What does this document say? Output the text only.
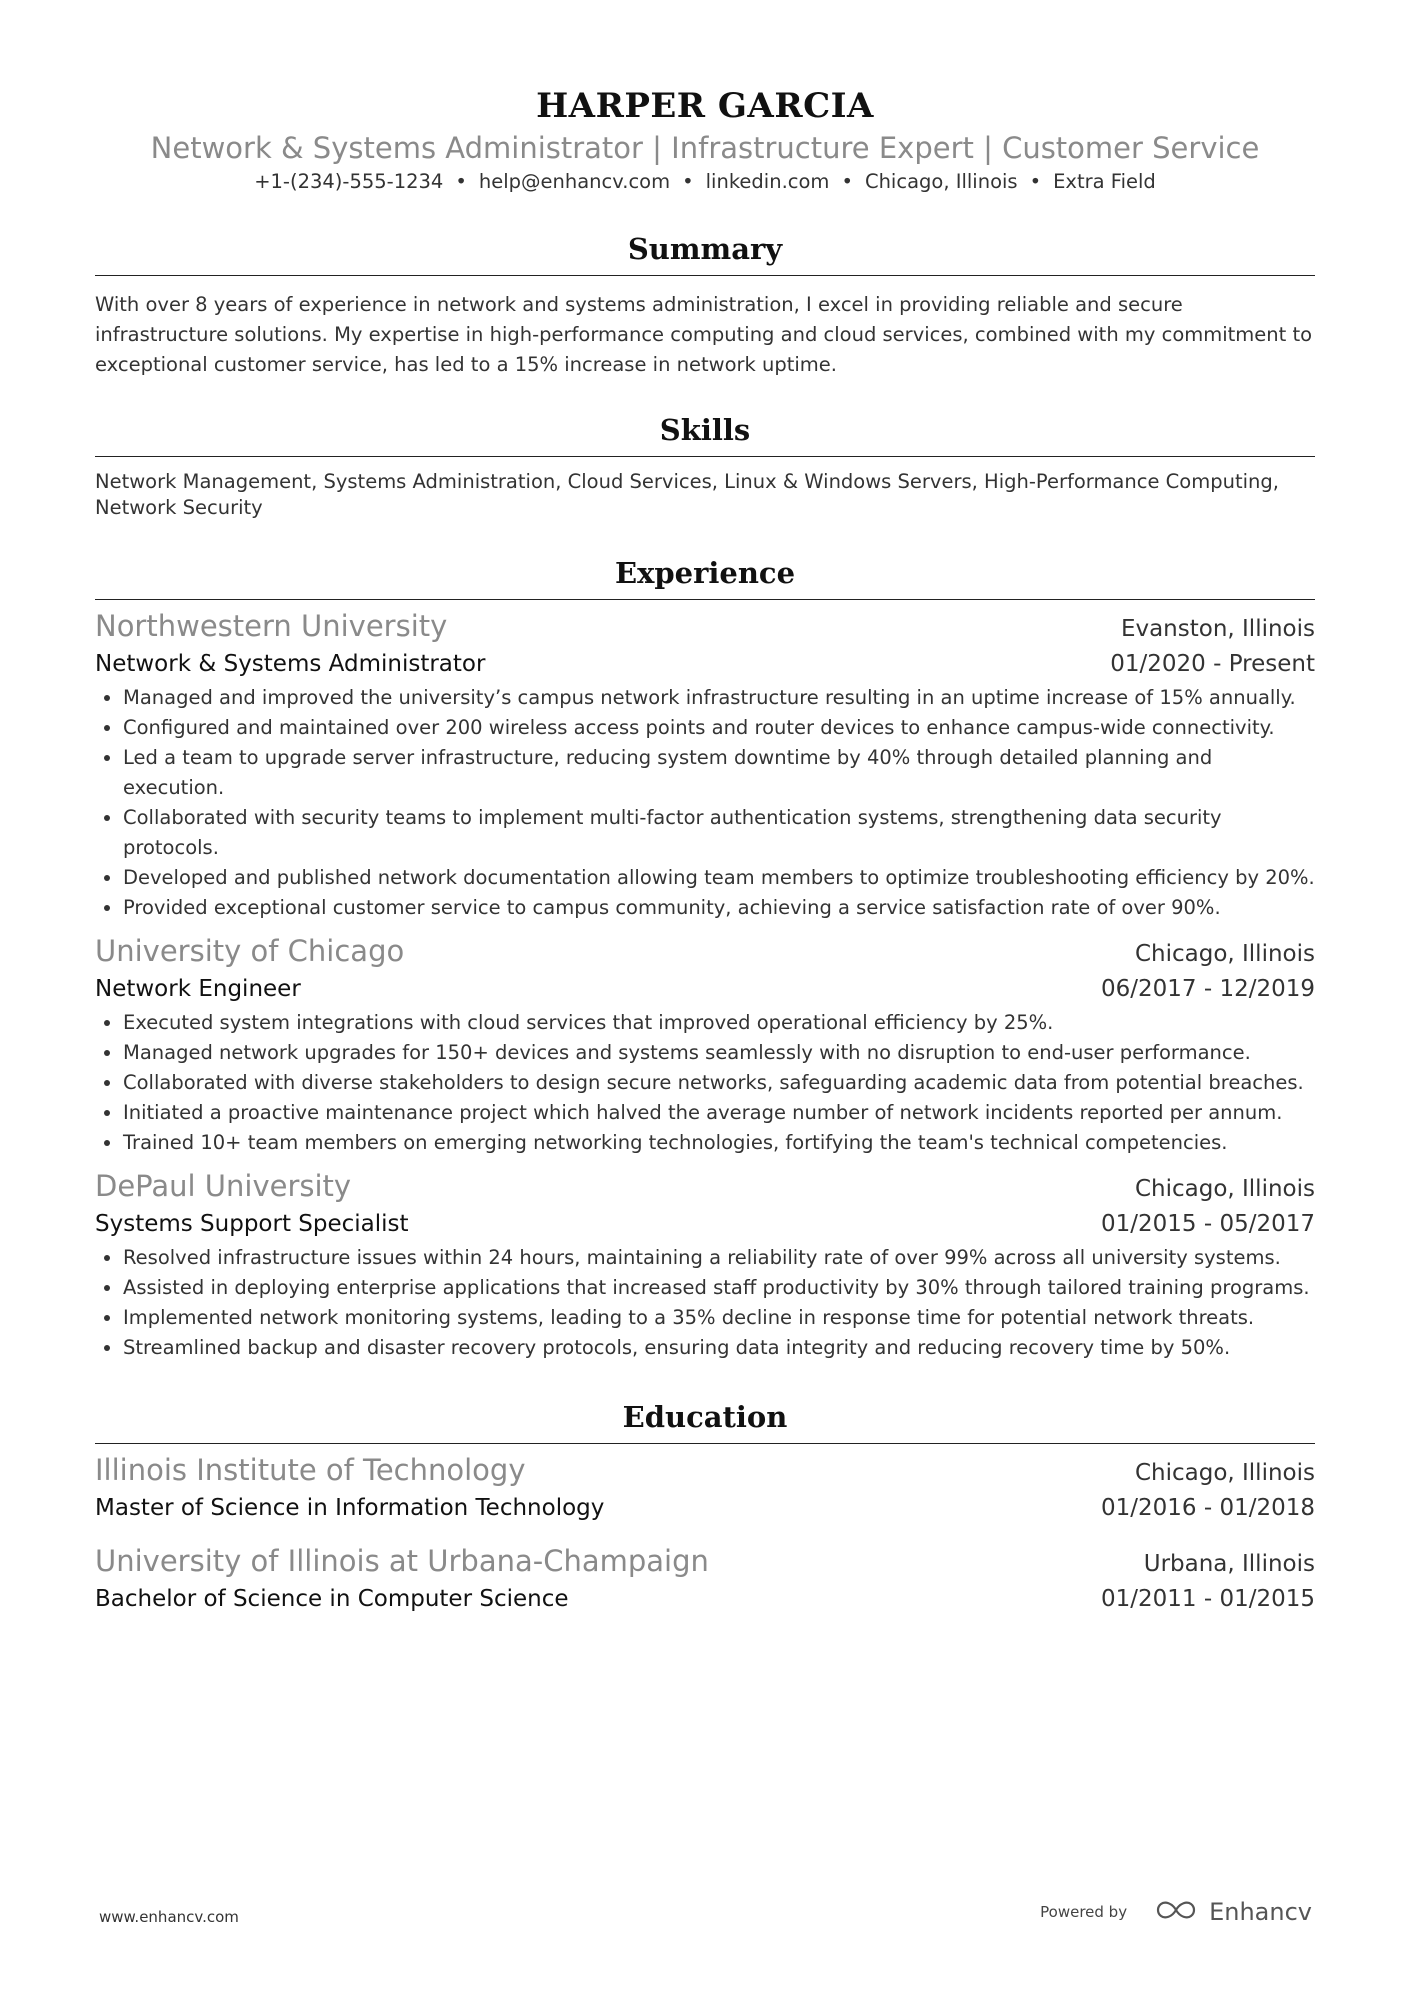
HARPER GARCIA
Network & Systems Administrator | Infrastructure Expert | Customer Service
+1-(234)-555-1234 • help@enhancv.com • linkedin.com • Chicago, Illinois • Extra Field
Summary
With over 8 years of experience in network and systems administration, I excel in providing reliable and secure infrastructure solutions. My expertise in high-performance computing and cloud services, combined with my commitment to exceptional customer service, has led to a 15% increase in network uptime.
Skills
Network Management, Systems Administration, Cloud Services, Linux & Windows Servers, High-Performance Computing, Network Security
Experience
Northwestern University	Evanston, Illinois
Network & Systems Administrator	01/2020 - Present
• Managed and improved the university’s campus network infrastructure resulting in an uptime increase of 15% annually.
• Configured and maintained over 200 wireless access points and router devices to enhance campus-wide connectivity.
• Led a team to upgrade server infrastructure, reducing system downtime by 40% through detailed planning and execution.
• Collaborated with security teams to implement multi-factor authentication systems, strengthening data security protocols.
• Developed and published network documentation allowing team members to optimize troubleshooting efficiency by 20%.
• Provided exceptional customer service to campus community, achieving a service satisfaction rate of over 90%.
University of Chicago	Chicago, Illinois
Network Engineer	06/2017 - 12/2019
• Executed system integrations with cloud services that improved operational efficiency by 25%.
• Managed network upgrades for 150+ devices and systems seamlessly with no disruption to end-user performance.
• Collaborated with diverse stakeholders to design secure networks, safeguarding academic data from potential breaches.
• Initiated a proactive maintenance project which halved the average number of network incidents reported per annum.
• Trained 10+ team members on emerging networking technologies, fortifying the team's technical competencies.
DePaul University	Chicago, Illinois
Systems Support Specialist	01/2015 - 05/2017
• Resolved infrastructure issues within 24 hours, maintaining a reliability rate of over 99% across all university systems.
• Assisted in deploying enterprise applications that increased staff productivity by 30% through tailored training programs.
• Implemented network monitoring systems, leading to a 35% decline in response time for potential network threats.
• Streamlined backup and disaster recovery protocols, ensuring data integrity and reducing recovery time by 50%.
Education
Illinois Institute of Technology	Chicago, Illinois
Master of Science in Information Technology	01/2016 - 01/2018
University of Illinois at Urbana-Champaign	Urbana, Illinois
Bachelor of Science in Computer Science	01/2011 - 01/2015
www.enhancv.com	Powered by	Enhancv
